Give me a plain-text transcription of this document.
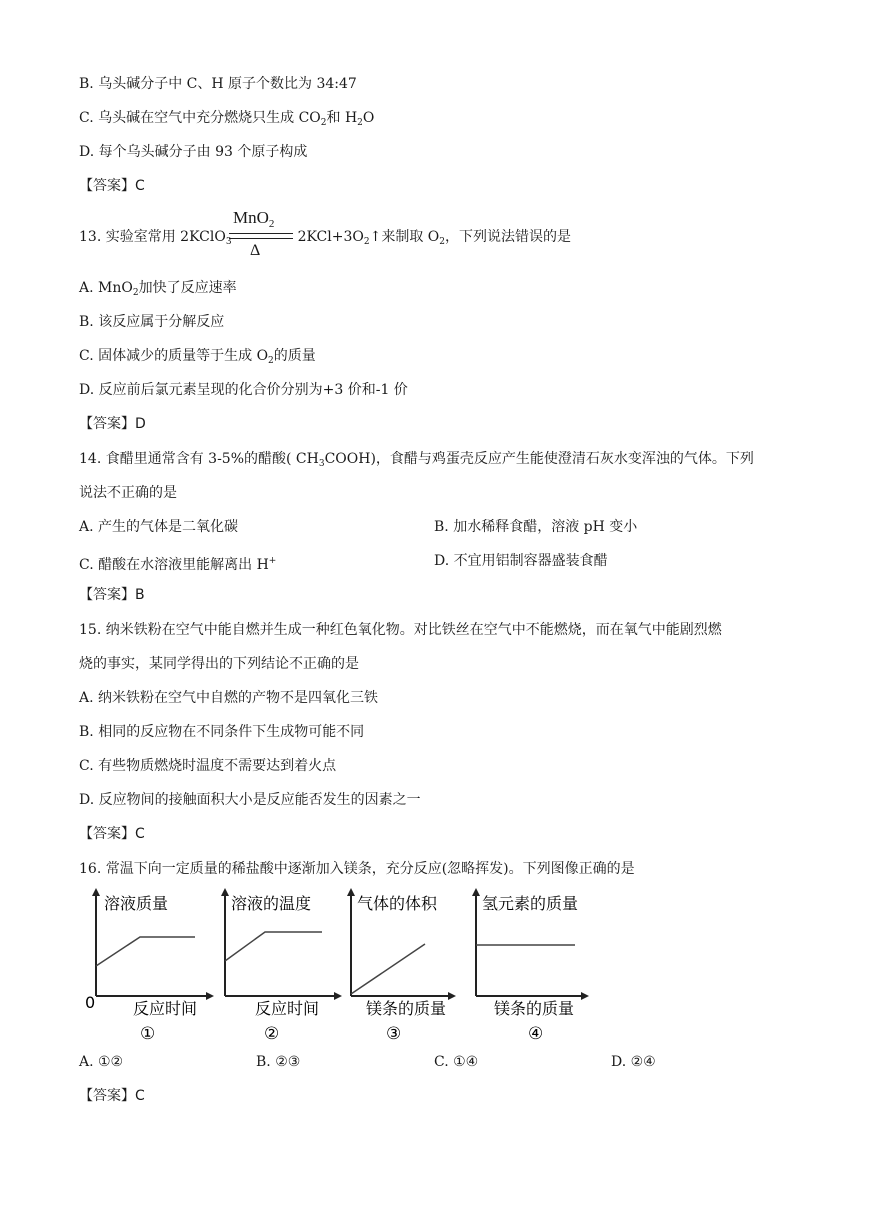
B. 乌头碱分子中 C、H 原子个数比为 34:47
C. 乌头碱在空气中充分燃烧只生成 $CO_2$和 $H_2O$
D. 每个乌头碱分子由 93 个原子构成
【答案】C
MnO$_2$
Δ
13. 实验室常用 2KClO$_3$	$2KCl+3O_2↑$来制取 $O_2$，下列说法错误的是
A. MnO$_2$加快了反应速率
B. 该反应属于分解反应
C. 固体减少的质量等于生成 $O_2$的质量
D. 反应前后氯元素呈现的化合价分别为+3 价和-1 价
【答案】D
14. 食醋里通常含有 3-5%的醋酸( $CH_3COOH$)，食醋与鸡蛋壳反应产生能使澄清石灰水变浑浊的气体。下列
说法不正确的是
A. 产生的气体是二氧化碳	B. 加水稀释食醋，溶液 pH 变小
C. 醋酸在水溶液里能解离出 H+	D. 不宜用铝制容器盛装食醋
【答案】B
15. 纳米铁粉在空气中能自燃并生成一种红色氧化物。对比铁丝在空气中不能燃烧，而在氧气中能剧烈燃
烧的事实，某同学得出的下列结论不正确的是
A. 纳米铁粉在空气中自燃的产物不是四氧化三铁
B. 相同的反应物在不同条件下生成物可能不同
C. 有些物质燃烧时温度不需要达到着火点
D. 反应物间的接触面积大小是反应能否发生的因素之一
【答案】C
16. 常温下向一定质量的稀盐酸中逐渐加入镁条，充分反应(忽略挥发)。下列图像正确的是
溶液质量
0 反应时间
①
溶液的温度
反应时间
②
气体的体积
镁条的质量
③
氢元素的质量
镁条的质量
④
A. ①②	B. ②③	C. ①④	D. ②④
【答案】C
